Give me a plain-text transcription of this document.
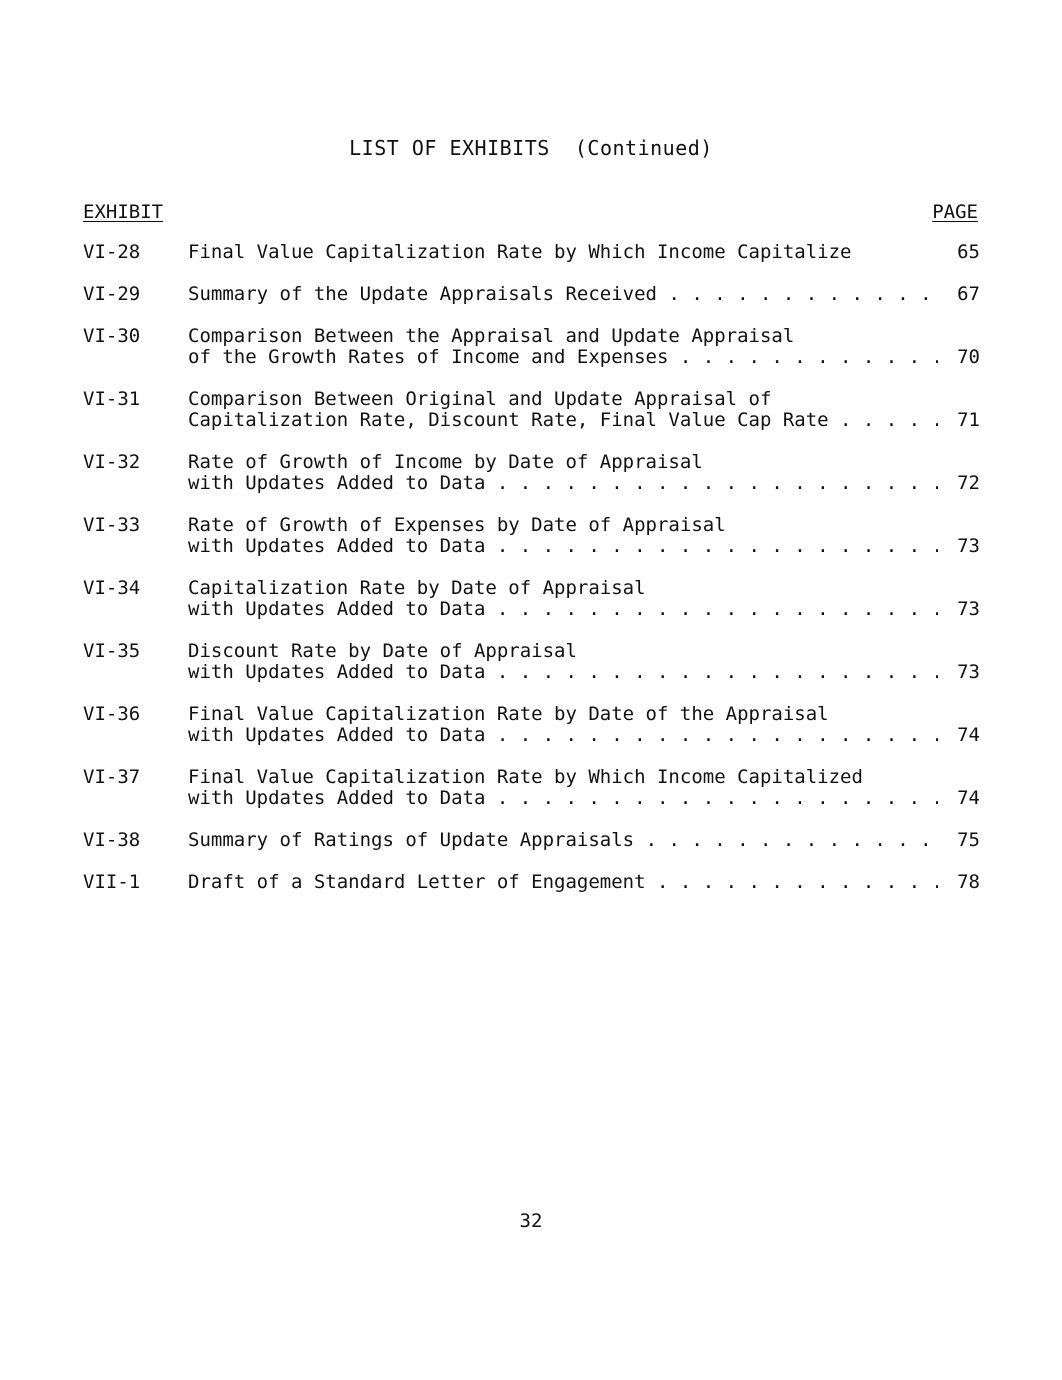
LIST OF EXHIBITS  (Continued)
EXHIBIT	PAGE
VI-28	Final Value Capitalization Rate by Which Income Capitalize	65
VI-29	Summary of the Update Appraisals Received . . .	67
VI-30	Comparison Between the Appraisal and Update Appraisal
of the Growth Rates of Income and Expenses . . .	70
VI-31	Comparison Between Original and Update Appraisal of
Capitalization Rate, Discount Rate, Final Value Cap Rate . . .	71
VI-32	Rate of Growth of Income by Date of Appraisal
with Updates Added to Data . . .	72
VI-33	Rate of Growth of Expenses by Date of Appraisal
with Updates Added to Data . . .	73
VI-34	Capitalization Rate by Date of Appraisal
with Updates Added to Data . . .	73
VI-35	Discount Rate by Date of Appraisal
with Updates Added to Data . . .	73
VI-36	Final Value Capitalization Rate by Date of the Appraisal
with Updates Added to Data . . .	74
VI-37	Final Value Capitalization Rate by Which Income Capitalized
with Updates Added to Data . . .	74
VI-38	Summary of Ratings of Update Appraisals . . .	75
VII-1	Draft of a Standard Letter of Engagement . . .	78
32
